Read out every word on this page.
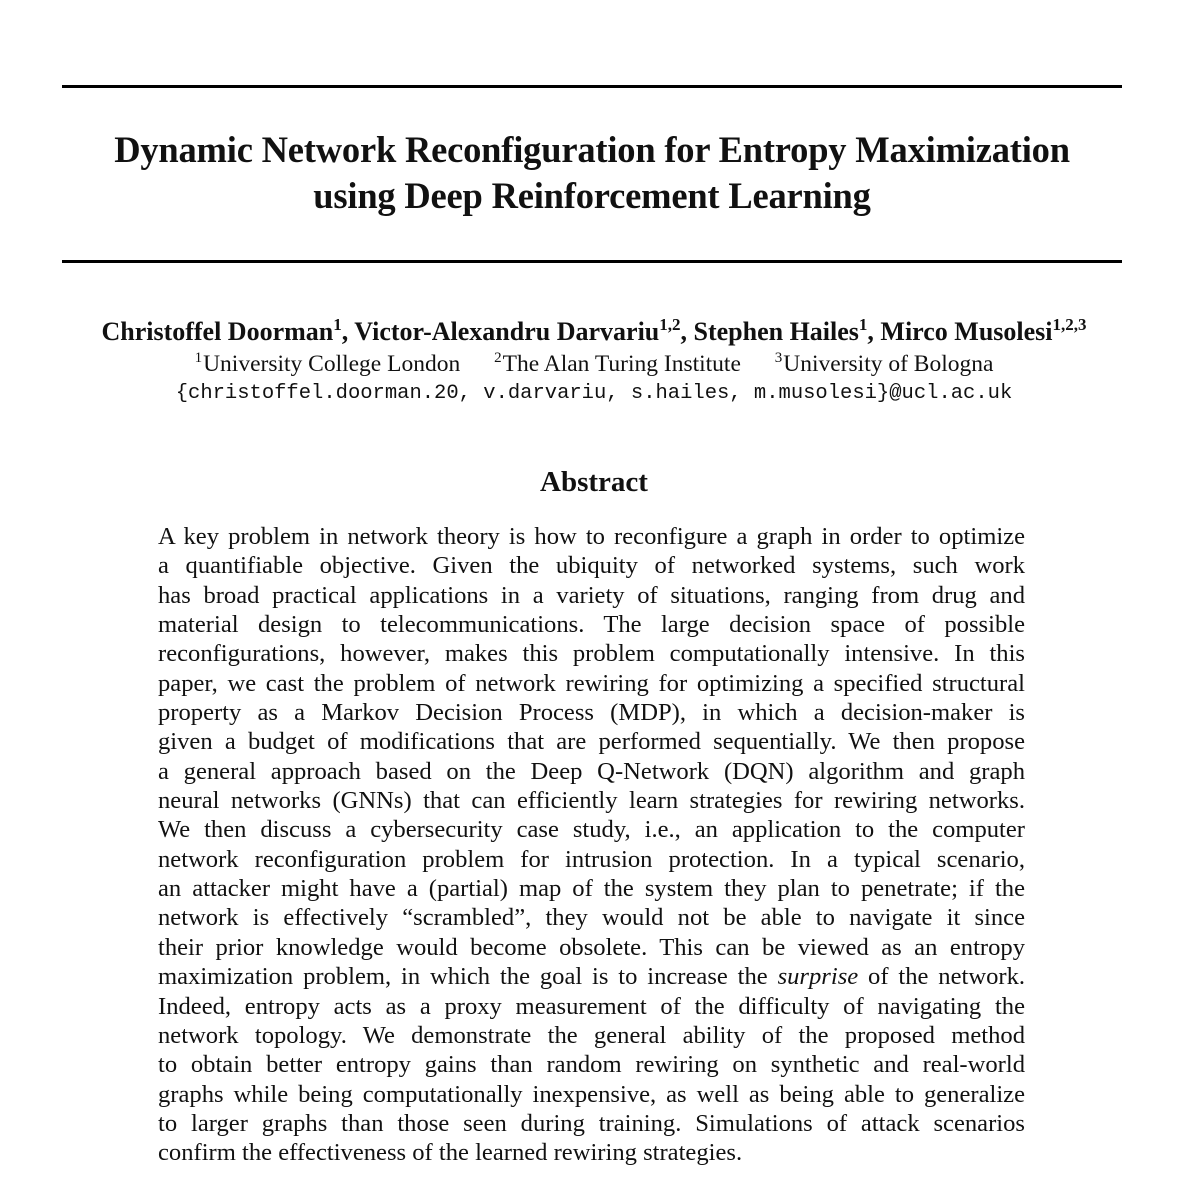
Dynamic Network Reconfiguration for Entropy Maximization
using Deep Reinforcement Learning
Christoffel Doorman$^1$, Victor-Alexandru Darvariu$^{1,2}$, Stephen Hailes$^1$, Mirco Musolesi$^{1,2,3}$
$^1$University College London $^2$The Alan Turing Institute $^3$University of Bologna
{christoffel.doorman.20, v.darvariu, s.hailes, m.musolesi}@ucl.ac.uk
Abstract
A key problem in network theory is how to reconfigure a graph in order to optimize
a quantifiable objective. Given the ubiquity of networked systems, such work
has broad practical applications in a variety of situations, ranging from drug and
material design to telecommunications. The large decision space of possible
reconfigurations, however, makes this problem computationally intensive. In this
paper, we cast the problem of network rewiring for optimizing a specified structural
property as a Markov Decision Process (MDP), in which a decision-maker is
given a budget of modifications that are performed sequentially. We then propose
a general approach based on the Deep Q-Network (DQN) algorithm and graph
neural networks (GNNs) that can efficiently learn strategies for rewiring networks.
We then discuss a cybersecurity case study, i.e., an application to the computer
network reconfiguration problem for intrusion protection. In a typical scenario,
an attacker might have a (partial) map of the system they plan to penetrate; if the
network is effectively “scrambled”, they would not be able to navigate it since
their prior knowledge would become obsolete. This can be viewed as an entropy
maximization problem, in which the goal is to increase the surprise of the network.
Indeed, entropy acts as a proxy measurement of the difficulty of navigating the
network topology. We demonstrate the general ability of the proposed method
to obtain better entropy gains than random rewiring on synthetic and real-world
graphs while being computationally inexpensive, as well as being able to generalize
to larger graphs than those seen during training. Simulations of attack scenarios
confirm the effectiveness of the learned rewiring strategies.
